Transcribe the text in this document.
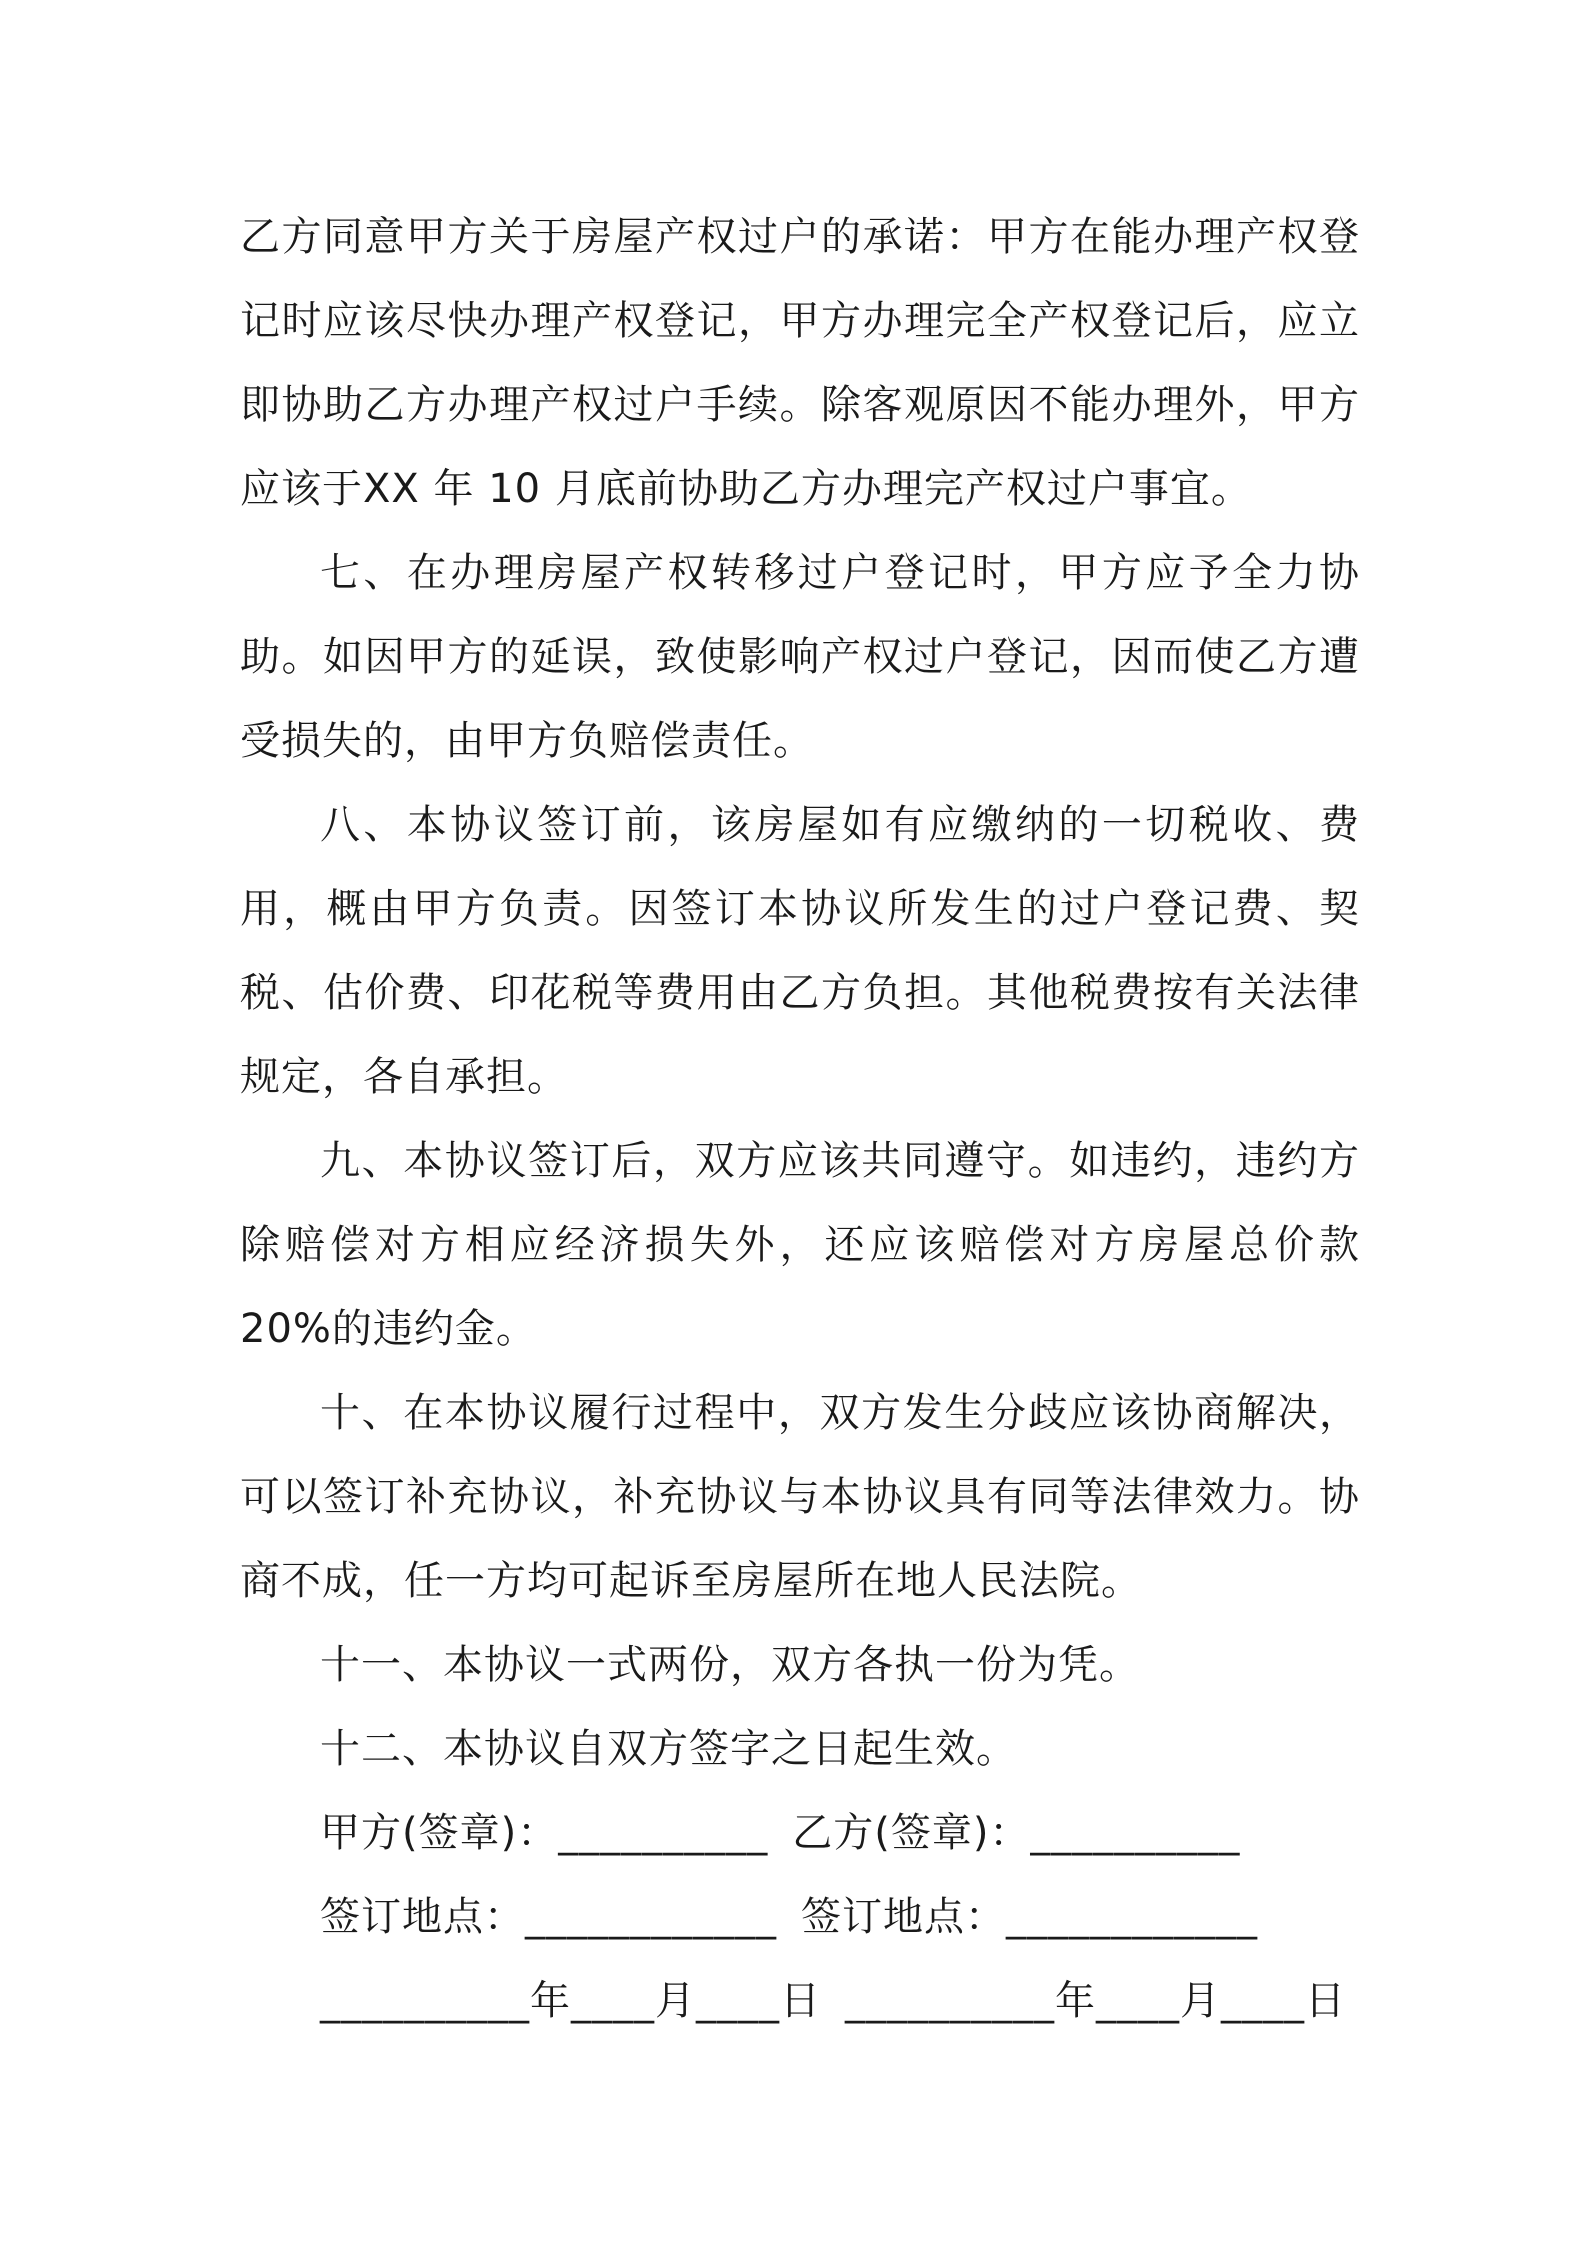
乙方同意甲方关于房屋产权过户的承诺：甲方在能办理产权登记时应该尽快办理产权登记，甲方办理完全产权登记后，应立即协助乙方办理产权过户手续。除客观原因不能办理外，甲方应该于XX 年 10 月底前协助乙方办理完产权过户事宜。

七、在办理房屋产权转移过户登记时，甲方应予全力协助。如因甲方的延误，致使影响产权过户登记，因而使乙方遭受损失的，由甲方负赔偿责任。

八、本协议签订前，该房屋如有应缴纳的一切税收、费用，概由甲方负责。因签订本协议所发生的过户登记费、契税、估价费、印花税等费用由乙方负担。其他税费按有关法律规定，各自承担。

九、本协议签订后，双方应该共同遵守。如违约，违约方除赔偿对方相应经济损失外，还应该赔偿对方房屋总价款 20%的违约金。

十、在本协议履行过程中，双方发生分歧应该协商解决，可以签订补充协议，补充协议与本协议具有同等法律效力。协商不成，任一方均可起诉至房屋所在地人民法院。

十一、本协议一式两份，双方各执一份为凭。

十二、本协议自双方签字之日起生效。

甲方(签章)：__________ 乙方(签章)：__________
签订地点：____________ 签订地点：____________
__________年____月____日 __________年____月____日
